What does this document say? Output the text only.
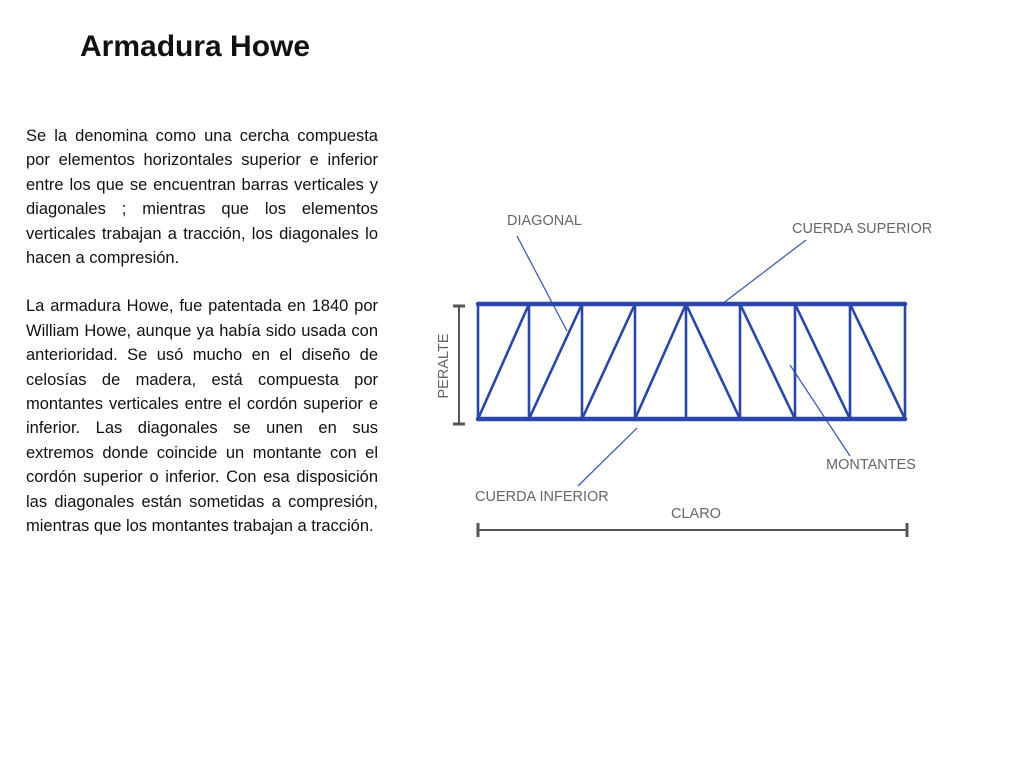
Armadura Howe

Se la denomina como una cercha compuesta por elementos horizontales superior e inferior entre los que se encuentran barras verticales y diagonales ; mientras que los elementos verticales trabajan a tracción, los diagonales lo hacen a compresión.

La armadura Howe, fue patentada en 1840 por William Howe, aunque ya había sido usada con anterioridad. Se usó mucho en el diseño de celosías de madera, está compuesta por montantes verticales entre el cordón superior e inferior. Las diagonales se unen en sus extremos donde coincide un montante con el cordón superior o inferior. Con esa disposición las diagonales están sometidas a compresión, mientras que los montantes trabajan a tracción.

DIAGONAL	CUERDA SUPERIOR
PERALTE
MONTANTES
CUERDA INFERIOR
CLARO
